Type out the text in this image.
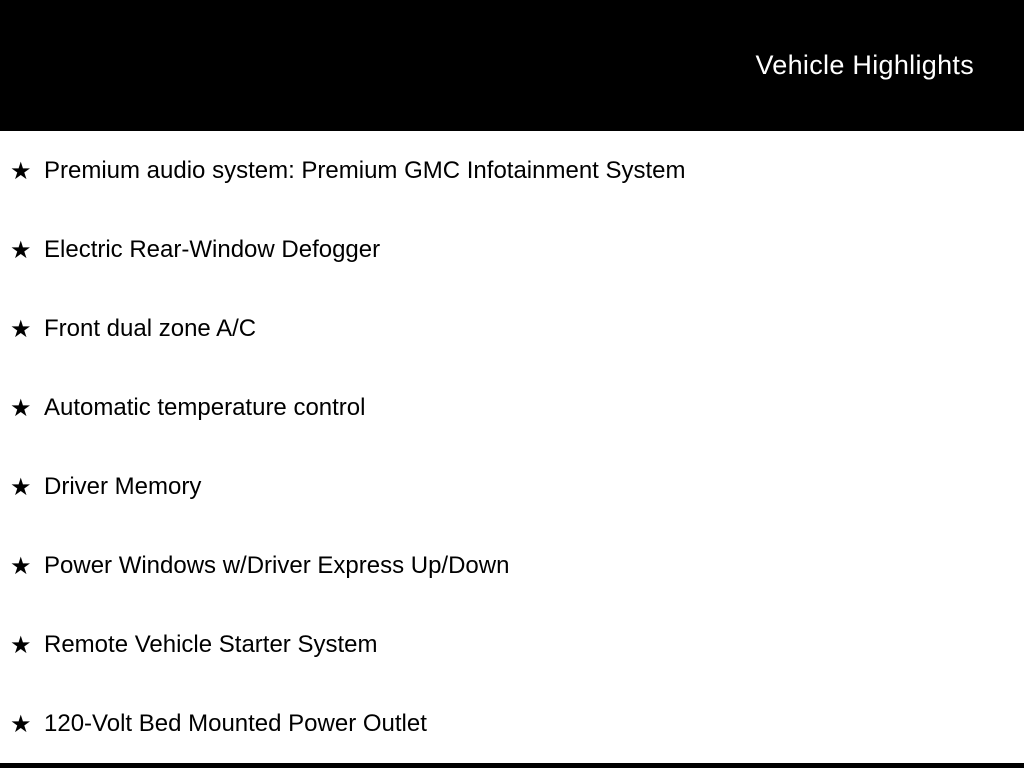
Vehicle Highlights
★ Premium audio system: Premium GMC Infotainment System
★ Electric Rear-Window Defogger
★ Front dual zone A/C
★ Automatic temperature control
★ Driver Memory
★ Power Windows w/Driver Express Up/Down
★ Remote Vehicle Starter System
★ 120-Volt Bed Mounted Power Outlet
